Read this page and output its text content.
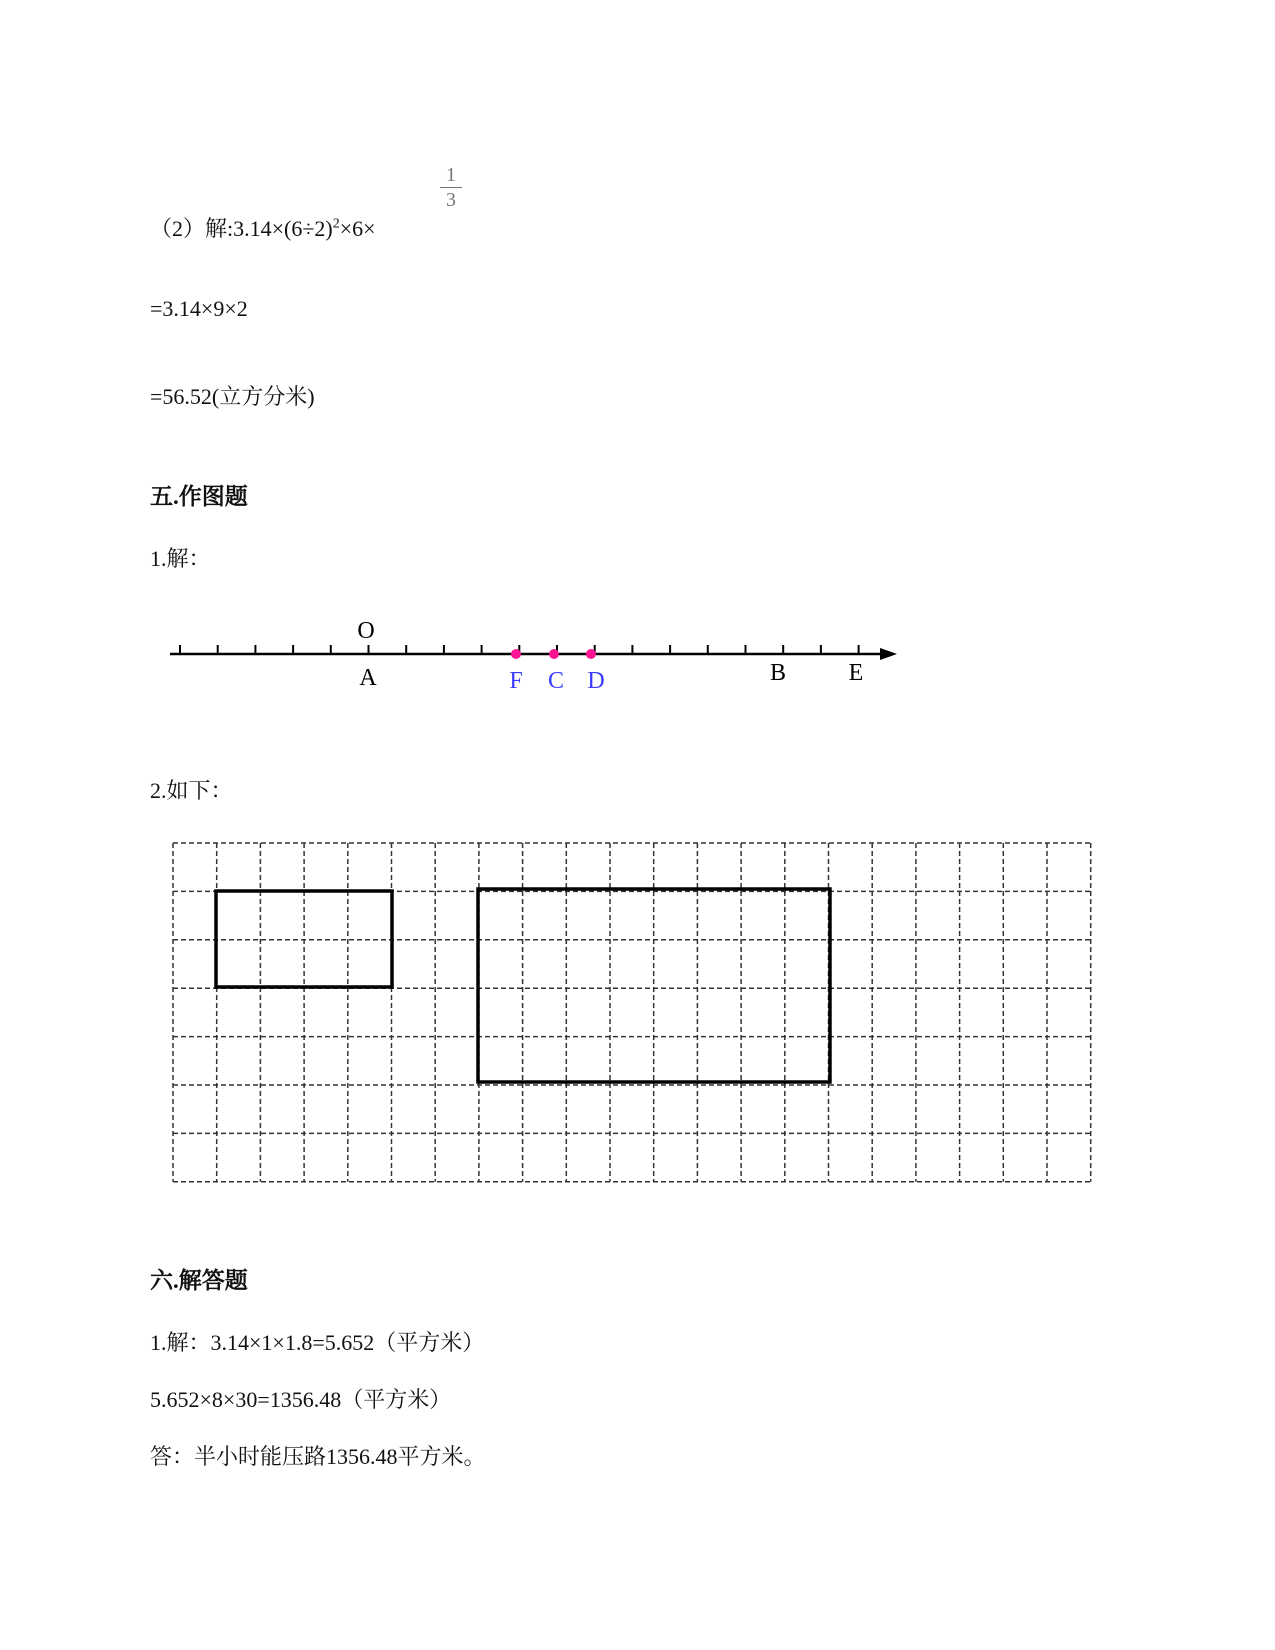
（2）解$:3.14\times(6\div 2)^2\times 6\times$
1
3
=3.14×9×2
=56.52(立方分米)
五.作图题
1.解：
O
A	F C D	B	E
2.如下：
六.解答题
1.解：3.14×1×1.8=5.652（平方米）
5.652×8×30=1356.48（平方米）
答：半小时能压路1356.48平方米。
